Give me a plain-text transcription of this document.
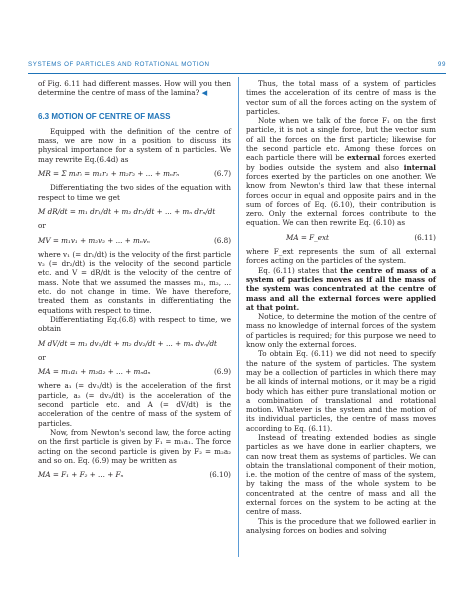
SYSTEMS OF PARTICLES AND ROTATIONAL MOTION	99

of Fig. 6.11 had different masses. How will you then determine the centre of mass of the lamina? ◀

6.3 MOTION OF CENTRE OF MASS

Equipped with the definition of the centre of mass, we are now in a position to discuss its physical importance for a system of n particles. We may rewrite Eq.(6.4d) as

MR = Σ mᵢrᵢ = m₁r₁ + m₂r₂ + ... + mₙrₙ	(6.7)

Differentiating the two sides of the equation with respect to time we get

M dR/dt = m₁ dr₁/dt + m₂ dr₂/dt + ... + mₙ drₙ/dt

or

MV = m₁v₁ + m₂v₂ + ... + mₙvₙ	(6.8)

where v₁ (= dr₁/dt) is the velocity of the first particle v₂ (= dr₂/dt) is the velocity of the second particle etc. and V = dR/dt is the velocity of the centre of mass. Note that we assumed the masses m₁, m₂, ... etc. do not change in time. We have therefore, treated them as constants in differentiating the equations with respect to time.

Differentiating Eq.(6.8) with respect to time, we obtain

M dV/dt = m₁ dv₁/dt + m₂ dv₂/dt + ... + mₙ dvₙ/dt

or

MA = m₁a₁ + m₂a₂ + ... + mₙaₙ	(6.9)

where a₁ (= dv₁/dt) is the acceleration of the first particle, a₂ (= dv₂/dt) is the acceleration of the second particle etc. and A (= dV/dt) is the acceleration of the centre of mass of the system of particles.

Now, from Newton's second law, the force acting on the first particle is given by F₁ = m₁a₁. The force acting on the second particle is given by F₂ = m₂a₂ and so on. Eq. (6.9) may be written as

MA = F₁ + F₂ + ... + Fₙ	(6.10)

Thus, the total mass of a system of particles times the acceleration of its centre of mass is the vector sum of all the forces acting on the system of particles.

Note when we talk of the force F₁ on the first particle, it is not a single force, but the vector sum of all the forces on the first particle; likewise for the second particle etc. Among these forces on each particle there will be external forces exerted by bodies outside the system and also internal forces exerted by the particles on one another. We know from Newton's third law that these internal forces occur in equal and opposite pairs and in the sum of forces of Eq. (6.10), their contribution is zero. Only the external forces contribute to the equation. We can then rewrite Eq. (6.10) as

MA = F_ext	(6.11)

where F_ext represents the sum of all external forces acting on the particles of the system.

Eq. (6.11) states that the centre of mass of a system of particles moves as if all the mass of the system was concentrated at the centre of mass and all the external forces were applied at that point.

Notice, to determine the motion of the centre of mass no knowledge of internal forces of the system of particles is required; for this purpose we need to know only the external forces.

To obtain Eq. (6.11) we did not need to specify the nature of the system of particles. The system may be a collection of particles in which there may be all kinds of internal motions, or it may be a rigid body which has either pure translational motion or a combination of translational and rotational motion. Whatever is the system and the motion of its individual particles, the centre of mass moves according to Eq. (6.11).

Instead of treating extended bodies as single particles as we have done in earlier chapters, we can now treat them as systems of particles. We can obtain the translational component of their motion, i.e. the motion of the centre of mass of the system, by taking the mass of the whole system to be concentrated at the centre of mass and all the external forces on the system to be acting at the centre of mass.

This is the procedure that we followed earlier in analysing forces on bodies and solving
